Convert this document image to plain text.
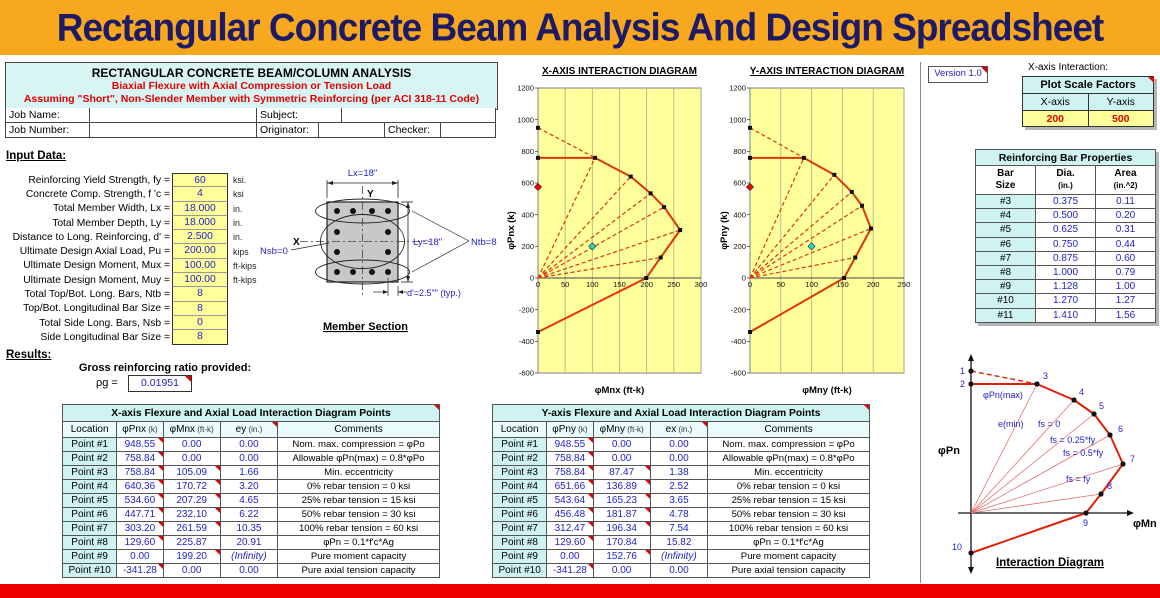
Rectangular Concrete Beam Analysis And Design Spreadsheet
RECTANGULAR CONCRETE BEAM/COLUMN ANALYSIS
Biaxial Flexure with Axial Compression or Tension Load
Assuming "Short", Non-Slender Member with Symmetric Reinforcing (per ACI 318-11 Code)
Job Name:	Subject:
Job Number:	Originator:	Checker:
Input Data:
Reinforcing Yield Strength, fy =	60	ksi.
Concrete Comp. Strength, f 'c =	4	ksi
Total Member Width, Lx =	18.000	in.
Total Member Depth, Ly =	18.000	in.
Distance to Long. Reinforcing, d' =	2.500	in.
Ultimate Design Axial Load, Pu =	200.00	kips
Ultimate Design Moment, Mux =	100.00	ft-kips
Ultimate Design Moment, Muy =	100.00	ft-kips
Total Top/Bot. Long. Bars, Ntb =	8
Top/Bot. Longitudinal Bar Size =	8
Total Side Long. Bars, Nsb =	0
Side Longitudinal Bar Size =	8
Results:
Gross reinforcing ratio provided:
ρg =	0.01951
Lx=18"
Y
X	Ly=18"	Ntb=8
Nsb=0
d'=2.5"" (typ.)
Member Section
-600
-400
-200
0
200
400
600
800
1000
1200
0	50 100 150 200 250 300
X-AXIS INTERACTION DIAGRAM
φMnx (ft-k)
φPnx (k)
-600
-400
-200
0
200
400
600
800
1000
1200
0	50	100 150 200 250
Y-AXIS INTERACTION DIAGRAM
φMny (ft-k)
φPny (k)
Version 1.0
X-axis Interaction:
Plot Scale Factors	
X-axis	Y-axis
200	500

Reinforcing Bar Properties		
Bar
Size	Dia.
(in.)	Area
(in.^2)
#3	0.375	0.11
#4	0.500	0.20
#5	0.625	0.31
#6	0.750	0.44
#7	0.875	0.60
#8	1.000	0.79
#9	1.128	1.00
#10	1.270	1.27
#11	1.410	1.56
X-axis Flexure and Axial Load Interaction Diagram Points				
Location	φPnx (k)	φMnx (ft-k)	ey (in.)	Comments
Point #1	948.55	0.00	0.00	Nom. max. compression = φPo
Point #2	758.84	0.00	0.00	Allowable φPn(max) = 0.8*φPo
Point #3	758.84	105.09	1.66	Min. eccentricity
Point #4	640.36	170.72	3.20	0% rebar tension = 0 ksi
Point #5	534.60	207.29	4.65	25% rebar tension = 15 ksi
Point #6	447.71	232.10	6.22	50% rebar tension = 30 ksi
Point #7	303.20	261.59	10.35	100% rebar tension = 60 ksi
Point #8	129.60	225.87	20.91	φPn = 0.1*f'c*Ag
Point #9	0.00	199.20	(Infinity)	Pure moment capacity
Point #10	-341.28	0.00	0.00	Pure axial tension capacity
Y-axis Flexure and Axial Load Interaction Diagram Points				
Location	φPny (k)	φMny (ft-k)	ex (in.)	Comments
Point #1	948.55	0.00	0.00	Nom. max. compression = φPo
Point #2	758.84	0.00	0.00	Allowable φPn(max) = 0.8*φPo
Point #3	758.84	87.47	1.38	Min. eccentricity
Point #4	651.66	136.89	2.52	0% rebar tension = 0 ksi
Point #5	543.64	165.23	3.65	25% rebar tension = 15 ksi
Point #6	456.48	181.87	4.78	50% rebar tension = 30 ksi
Point #7	312.47	196.34	7.54	100% rebar tension = 60 ksi
Point #8	129.60	170.84	15.82	φPn = 0.1*f'c*Ag
Point #9	0.00	152.76	(Infinity)	Pure moment capacity
Point #10	-341.28	0.00	0.00	Pure axial tension capacity
1
2
3
4
5
6
7
8
9
10
φPn(max)
e(min) fs = 0
fs = 0.25*fy
fs = 0.5*fy
fs = fy
φPn
φMn
Interaction Diagram
